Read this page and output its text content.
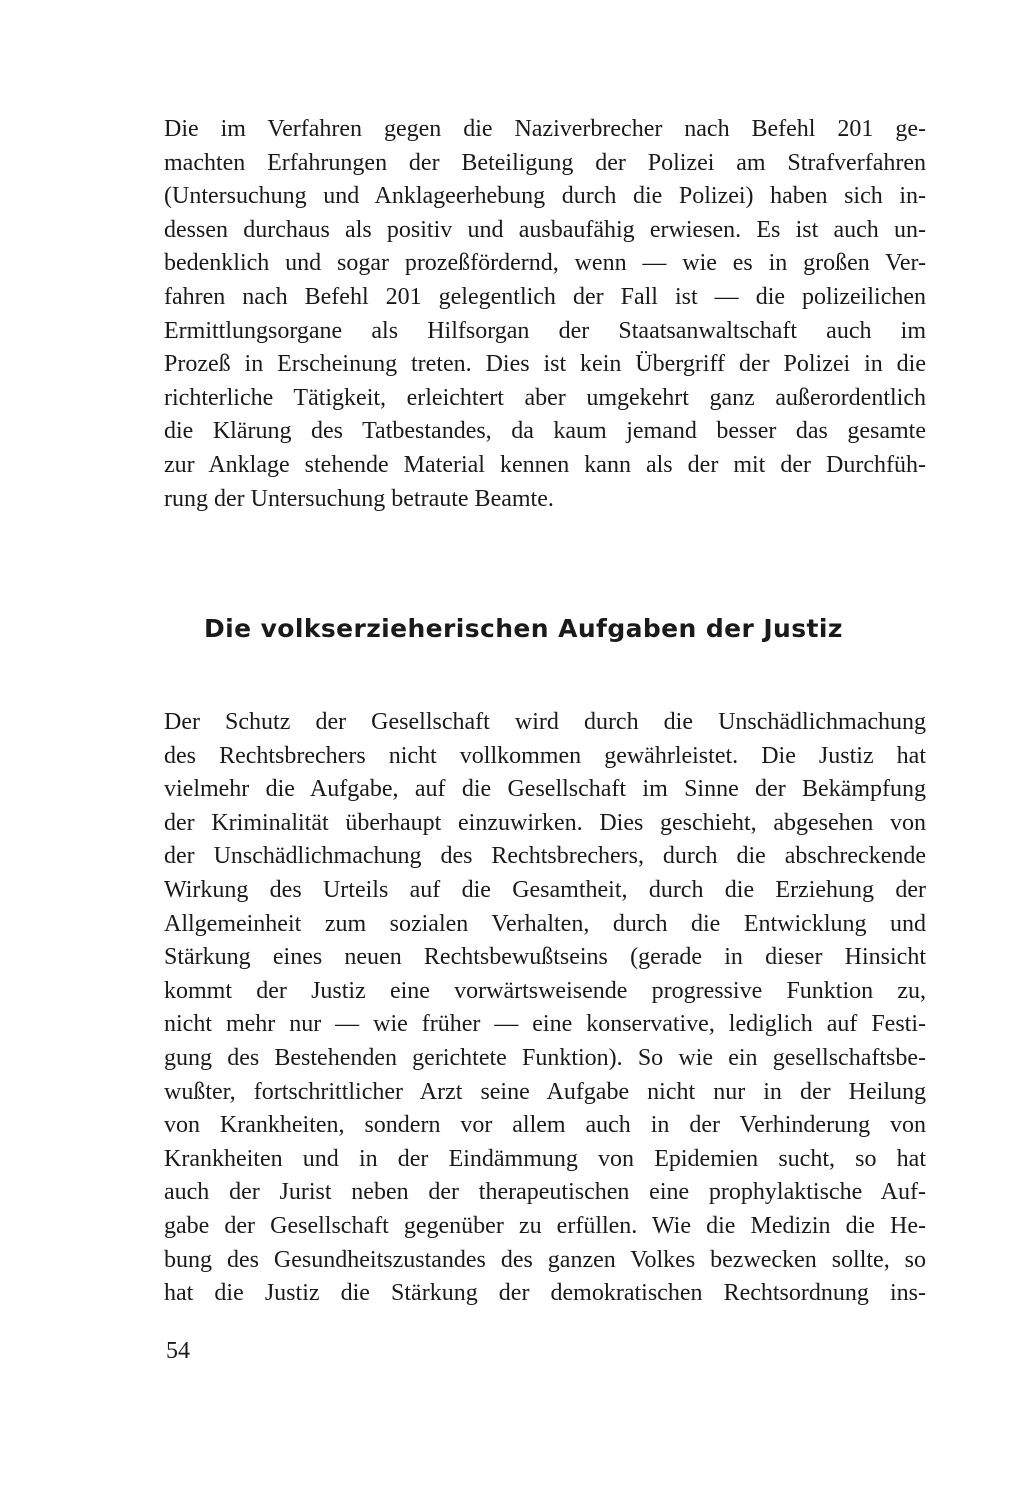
Die im Verfahren gegen die Naziverbrecher nach Befehl 201 ge-
machten Erfahrungen der Beteiligung der Polizei am Strafverfahren
(Untersuchung und Anklageerhebung durch die Polizei) haben sich in-
dessen durchaus als positiv und ausbaufähig erwiesen. Es ist auch un-
bedenklich und sogar prozeßfördernd, wenn — wie es in großen Ver-
fahren nach Befehl 201 gelegentlich der Fall ist — die polizeilichen
Ermittlungsorgane als Hilfsorgan der Staatsanwaltschaft auch im
Prozeß in Erscheinung treten. Dies ist kein Übergriff der Polizei in die
richterliche Tätigkeit, erleichtert aber umgekehrt ganz außerordentlich
die Klärung des Tatbestandes, da kaum jemand besser das gesamte
zur Anklage stehende Material kennen kann als der mit der Durchfüh-
rung der Untersuchung betraute Beamte.
Die volkserzieherischen Aufgaben der Justiz
Der Schutz der Gesellschaft wird durch die Unschädlichmachung
des Rechtsbrechers nicht vollkommen gewährleistet. Die Justiz hat
vielmehr die Aufgabe, auf die Gesellschaft im Sinne der Bekämpfung
der Kriminalität überhaupt einzuwirken. Dies geschieht, abgesehen von
der Unschädlichmachung des Rechtsbrechers, durch die abschreckende
Wirkung des Urteils auf die Gesamtheit, durch die Erziehung der
Allgemeinheit zum sozialen Verhalten, durch die Entwicklung und
Stärkung eines neuen Rechtsbewußtseins (gerade in dieser Hinsicht
kommt der Justiz eine vorwärtsweisende progressive Funktion zu,
nicht mehr nur — wie früher — eine konservative, lediglich auf Festi-
gung des Bestehenden gerichtete Funktion). So wie ein gesellschaftsbe-
wußter, fortschrittlicher Arzt seine Aufgabe nicht nur in der Heilung
von Krankheiten, sondern vor allem auch in der Verhinderung von
Krankheiten und in der Eindämmung von Epidemien sucht, so hat
auch der Jurist neben der therapeutischen eine prophylaktische Auf-
gabe der Gesellschaft gegenüber zu erfüllen. Wie die Medizin die He-
bung des Gesundheitszustandes des ganzen Volkes bezwecken sollte, so
hat die Justiz die Stärkung der demokratischen Rechtsordnung ins-
54
